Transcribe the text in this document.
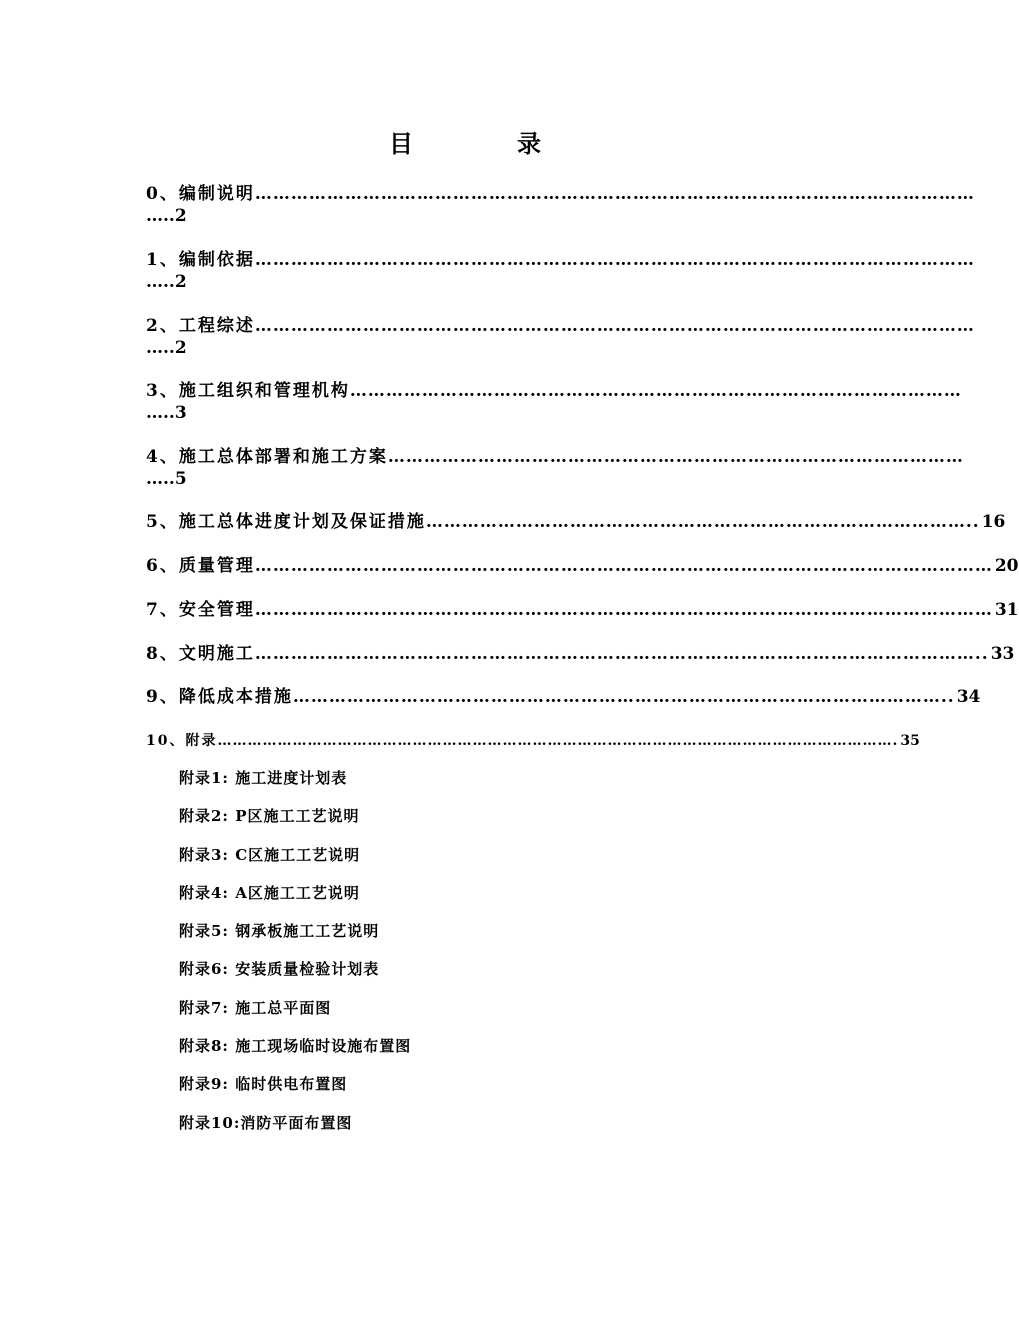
目　录
0、编制说明 …………………………………………………………………………………………………………
…..2
1、编制依据 …………………………………………………………………………………………………………
…..2
2、工程综述 …………………………………………………………………………………………………………
…..2
3、施工组织和管理机构 …………………………………………………………………………………………
…..3
4、施工总体部署和施工方案 ……………………………………………………………………………………
…..5
5、施工总体进度计划及保证措施 ……………………………………………………………………………….. 16
6、质量管理 …………………………………………………………………………………………………………… 20
7、安全管理 …………………………………………………………………………………………………………… 31
8、文明施工 ………………………………………………………………………………………………………….. 33
9、降低成本措施 ……………………………………………………………………………………………….. 34
10、附录 ………………………………………………………………………………………………………………………. 35
附录1: 施工进度计划表
附录2: P区施工工艺说明
附录3: C区施工工艺说明
附录4: A区施工工艺说明
附录5: 钢承板施工工艺说明
附录6: 安装质量检验计划表
附录7: 施工总平面图
附录8: 施工现场临时设施布置图
附录9: 临时供电布置图
附录10:消防平面布置图
